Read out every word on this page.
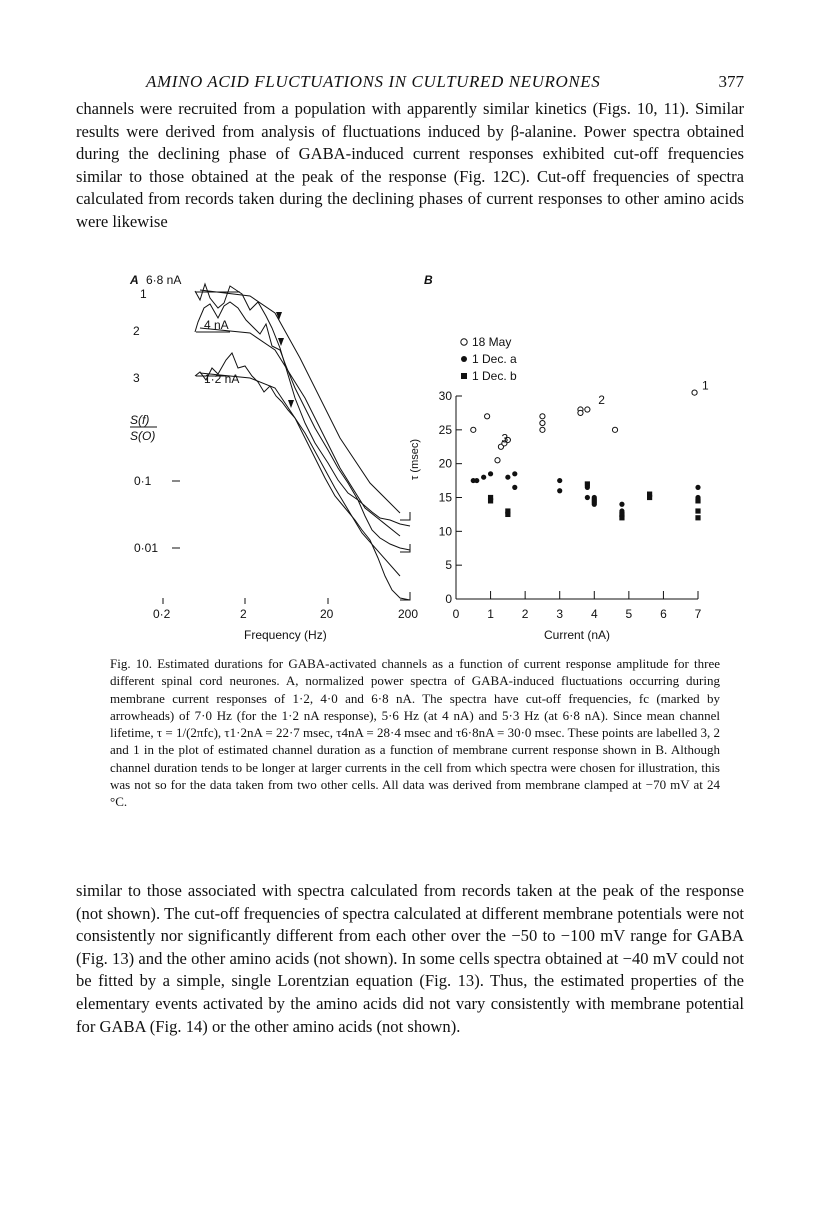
AMINO ACID FLUCTUATIONS IN CULTURED NEURONES	377

channels were recruited from a population with apparently similar kinetics (Figs. 10, 11). Similar results were derived from analysis of fluctuations induced by β-alanine. Power spectra obtained during the declining phase of GABA-induced current responses exhibited cut-off frequencies similar to those obtained at the peak of the response (Fig. 12C). Cut-off frequencies of spectra calculated from records taken during the declining phases of current responses to other amino acids were likewise

A 6·8 nA
1
2	4 nA
3	1·2 nA
S(f)
S(O)
0·1
0·01
0·2	2	20	200
Frequency (Hz)
B
18 May
1 Dec. a
1 Dec. b
τ (msec)
Current (nA)
0
5
10
15
20
25
30
0 1 2 3 4 5 6 7
1
2
3

Fig. 10. Estimated durations for GABA-activated channels as a function of current response amplitude for three different spinal cord neurones. A, normalized power spectra of GABA-induced fluctuations occurring during membrane current responses of 1·2, 4·0 and 6·8 nA. The spectra have cut-off frequencies, fc (marked by arrowheads) of 7·0 Hz (for the 1·2 nA response), 5·6 Hz (at 4 nA) and 5·3 Hz (at 6·8 nA). Since mean channel lifetime, τ = 1/(2πfc), τ1·2nA = 22·7 msec, τ4nA = 28·4 msec and τ6·8nA = 30·0 msec. These points are labelled 3, 2 and 1 in the plot of estimated channel duration as a function of membrane current response shown in B. Although channel duration tends to be longer at larger currents in the cell from which spectra were chosen for illustration, this was not so for the data taken from two other cells. All data was derived from membrane clamped at −70 mV at 24 °C.

similar to those associated with spectra calculated from records taken at the peak of the response (not shown). The cut-off frequencies of spectra calculated at different membrane potentials were not consistently nor significantly different from each other over the −50 to −100 mV range for GABA (Fig. 13) and the other amino acids (not shown). In some cells spectra obtained at −40 mV could not be fitted by a simple, single Lorentzian equation (Fig. 13). Thus, the estimated properties of the elementary events activated by the amino acids did not vary consistently with membrane potential for GABA (Fig. 14) or the other amino acids (not shown).
